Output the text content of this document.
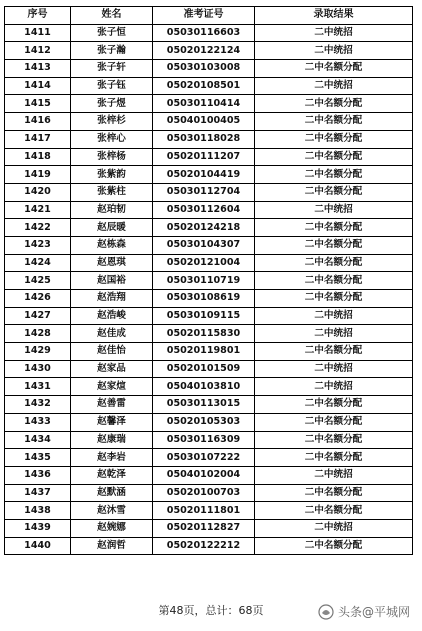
序号	姓名	准考证号	录取结果
1411	张子恒	05030116603	二中统招
1412	张子瀚	05020122124	二中统招
1413	张子轩	05030103008	二中名额分配
1414	张子钰	05020108501	二中统招
1415	张子煜	05030110414	二中名额分配
1416	张梓杉	05040100405	二中名额分配
1417	张梓心	05030118028	二中名额分配
1418	张梓杨	05020111207	二中名额分配
1419	张紫韵	05020104419	二中名额分配
1420	张紫柱	05030112704	二中名额分配
1421	赵珀韧	05030112604	二中统招
1422	赵辰暖	05020124218	二中名额分配
1423	赵栋森	05030104307	二中名额分配
1424	赵恩琪	05020121004	二中名额分配
1425	赵国裕	05030110719	二中名额分配
1426	赵浩翔	05030108619	二中名额分配
1427	赵浩峻	05030109115	二中统招
1428	赵佳成	05020115830	二中统招
1429	赵佳怡	05020119801	二中名额分配
1430	赵家品	05020101509	二中统招
1431	赵家煊	05040103810	二中统招
1432	赵善雷	05030113015	二中名额分配
1433	赵馨泽	05020105303	二中名额分配
1434	赵康瑞	05030116309	二中名额分配
1435	赵李岩	05030107222	二中名额分配
1436	赵乾泽	05040102004	二中统招
1437	赵默涵	05020100703	二中名额分配
1438	赵沐雪	05020111801	二中名额分配
1439	赵婉娜	05020112827	二中统招
1440	赵润哲	05020122212	二中名额分配
第48页，总计：68页	头条@平城网
